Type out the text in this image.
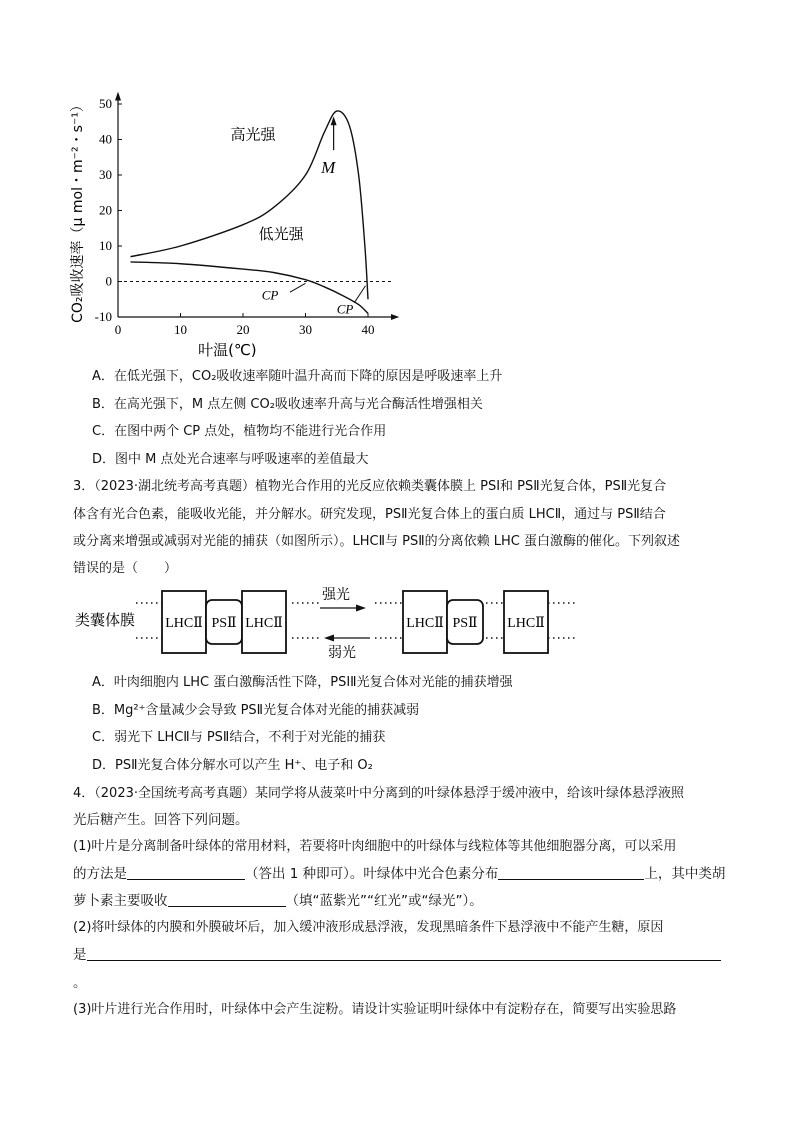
50
40
30
20
10
0
-10
0	10	20	30	40
高光强
低光强
M
CP
CP
CO₂吸收速率（μ mol・m⁻²・s⁻¹）
叶温(℃)
A．在低光强下，CO₂吸收速率随叶温升高而下降的原因是呼吸速率上升
B．在高光强下，M 点左侧 CO₂吸收速率升高与光合酶活性增强相关
C．在图中两个 CP 点处，植物均不能进行光合作用
D．图中 M 点处光合速率与呼吸速率的差值最大
3．（2023·湖北统考高考真题）植物光合作用的光反应依赖类囊体膜上 PSⅠ和 PSⅡ光复合体，PSⅡ光复合
体含有光合色素，能吸收光能，并分解水。研究发现，PSⅡ光复合体上的蛋白质 LHCⅡ，通过与 PSⅡ结合
或分离来增强或减弱对光能的捕获（如图所示）。LHCⅡ与 PSⅡ的分离依赖 LHC 蛋白激酶的催化。下列叙述
错误的是（　　）
类囊体膜 LHCⅡ PSⅡ LHCⅡ
强光
弱光
LHCⅡ PSⅡ LHCⅡ
A．叶肉细胞内 LHC 蛋白激酶活性下降，PSⅠⅡ光复合体对光能的捕获增强
B．Mg²⁺含量减少会导致 PSⅡ光复合体对光能的捕获减弱
C．弱光下 LHCⅡ与 PSⅡ结合，不利于对光能的捕获
D．PSⅡ光复合体分解水可以产生 H⁺、电子和 O₂
4．（2023·全国统考高考真题）某同学将从菠菜叶中分离到的叶绿体悬浮于缓冲液中，给该叶绿体悬浮液照
光后糖产生。回答下列问题。
(1)叶片是分离制备叶绿体的常用材料，若要将叶肉细胞中的叶绿体与线粒体等其他细胞器分离，可以采用
的方法是	（答出 1 种即可）。叶绿体中光合色素分布	上，其中类胡
萝卜素主要吸收	（填“蓝紫光”“红光”或“绿光”）。
(2)将叶绿体的内膜和外膜破坏后，加入缓冲液形成悬浮液，发现黑暗条件下悬浮液中不能产生糖，原因
是
。
(3)叶片进行光合作用时，叶绿体中会产生淀粉。请设计实验证明叶绿体中有淀粉存在，简要写出实验思路
